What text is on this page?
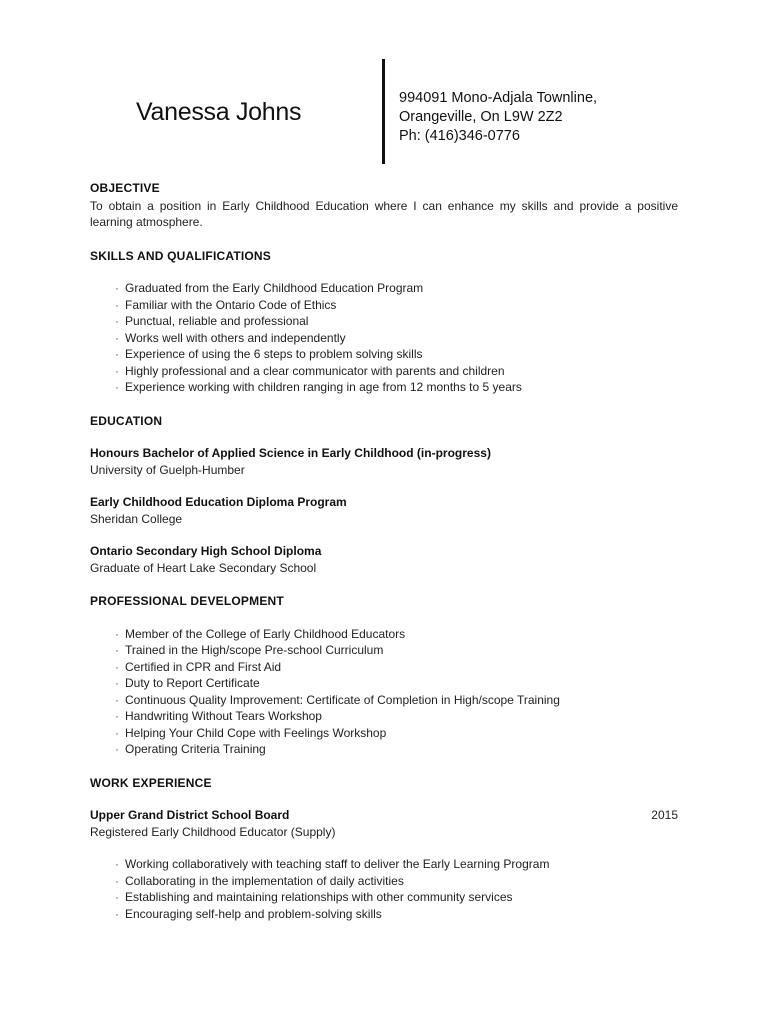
Vanessa Johns	994091 Mono-Adjala Townline,
Orangeville, On L9W 2Z2
Ph: (416)346-0776
OBJECTIVE
To obtain a position in Early Childhood Education where I can enhance my skills and provide a positive learning atmosphere.
SKILLS AND QUALIFICATIONS
· Graduated from the Early Childhood Education Program
· Familiar with the Ontario Code of Ethics
· Punctual, reliable and professional
· Works well with others and independently
· Experience of using the 6 steps to problem solving skills
· Highly professional and a clear communicator with parents and children
· Experience working with children ranging in age from 12 months to 5 years
EDUCATION
Honours Bachelor of Applied Science in Early Childhood (in-progress)
University of Guelph-Humber
Early Childhood Education Diploma Program
Sheridan College
Ontario Secondary High School Diploma
Graduate of Heart Lake Secondary School
PROFESSIONAL DEVELOPMENT
· Member of the College of Early Childhood Educators
· Trained in the High/scope Pre-school Curriculum
· Certified in CPR and First Aid
· Duty to Report Certificate
· Continuous Quality Improvement: Certificate of Completion in High/scope Training
· Handwriting Without Tears Workshop
· Helping Your Child Cope with Feelings Workshop
· Operating Criteria Training
WORK EXPERIENCE
Upper Grand District School Board	2015
Registered Early Childhood Educator (Supply)
· Working collaboratively with teaching staff to deliver the Early Learning Program
· Collaborating in the implementation of daily activities
· Establishing and maintaining relationships with other community services
· Encouraging self-help and problem-solving skills
